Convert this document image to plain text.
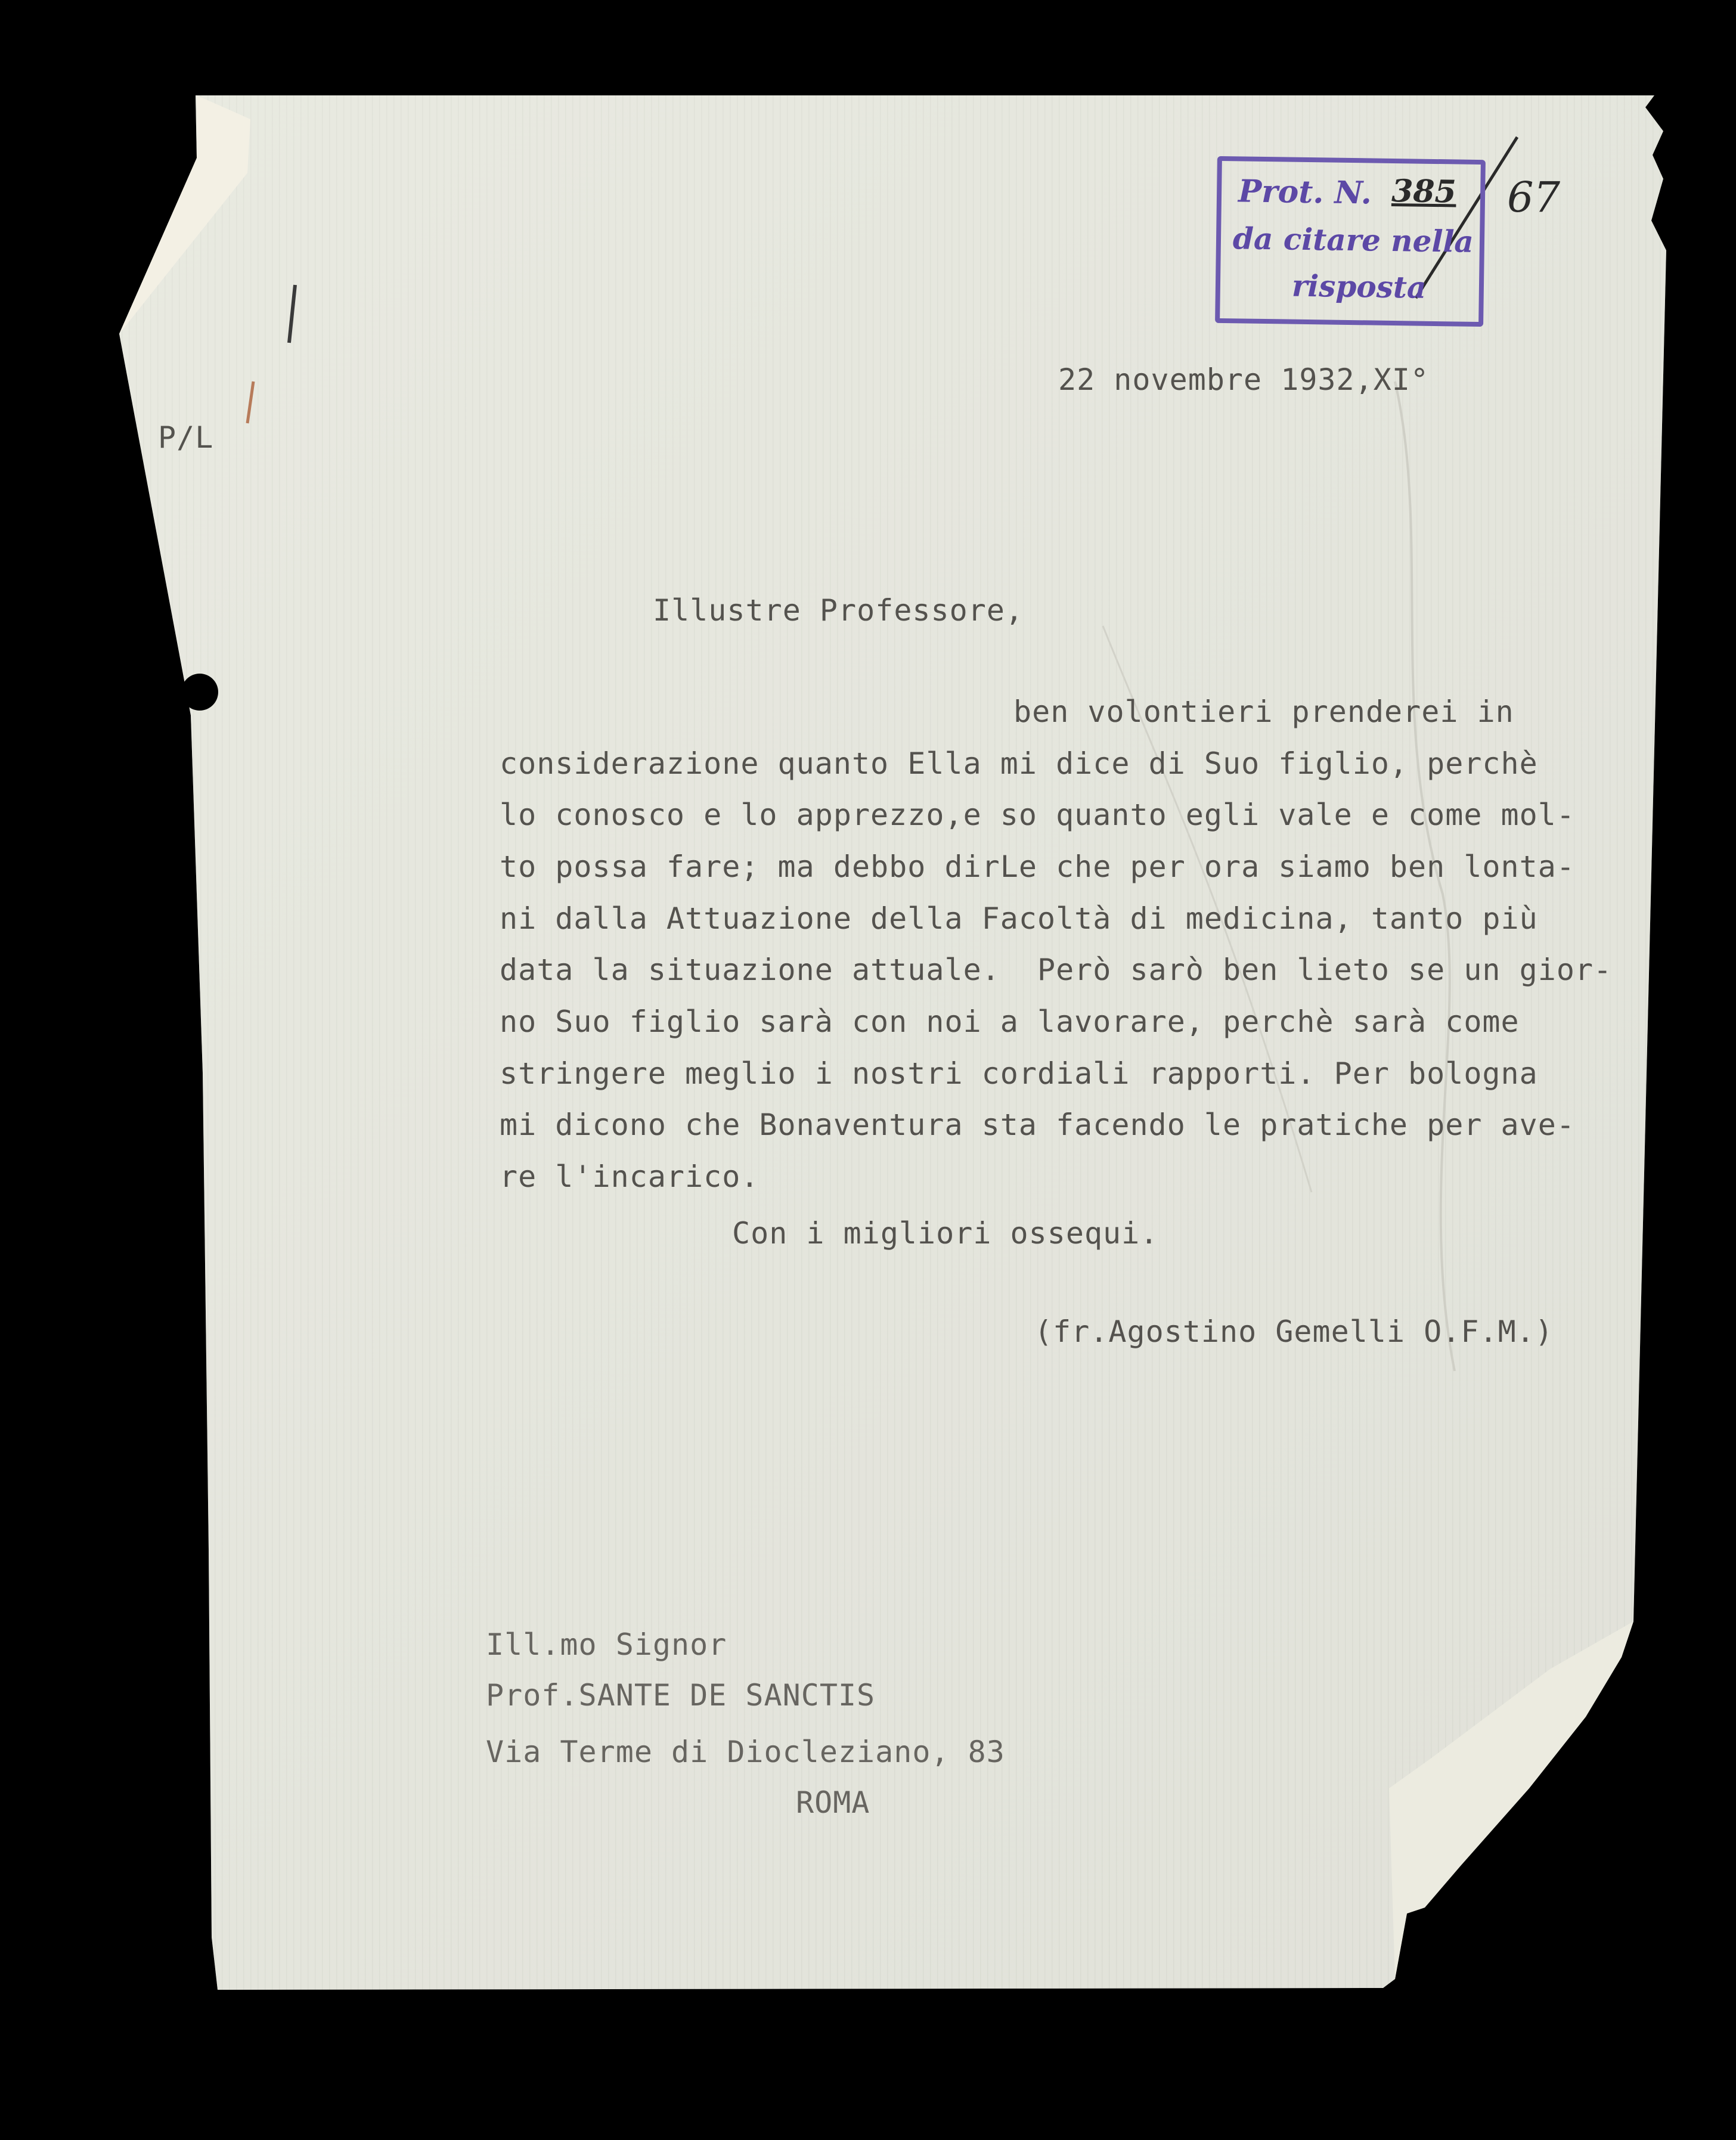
Prot. N. 385
da citare nella
risposta
67
P/L
22 novembre 1932,XI°
Illustre Professore,
ben volontieri prenderei in
considerazione quanto Ella mi dice di Suo figlio, perchè
lo conosco e lo apprezzo,e so quanto egli vale e come mol-
to possa fare; ma debbo dirLe che per ora siamo ben lonta-
ni dalla Attuazione della Facoltà di medicina, tanto più
data la situazione attuale.  Però sarò ben lieto se un gior-
no Suo figlio sarà con noi a lavorare, perchè sarà come
stringere meglio i nostri cordiali rapporti. Per bologna
mi dicono che Bonaventura sta facendo le pratiche per ave-
re l'incarico.
Con i migliori ossequi.
(fr.Agostino Gemelli O.F.M.)
Ill.mo Signor
Prof.SANTE DE SANCTIS
Via Terme di Diocleziano, 83
ROMA
